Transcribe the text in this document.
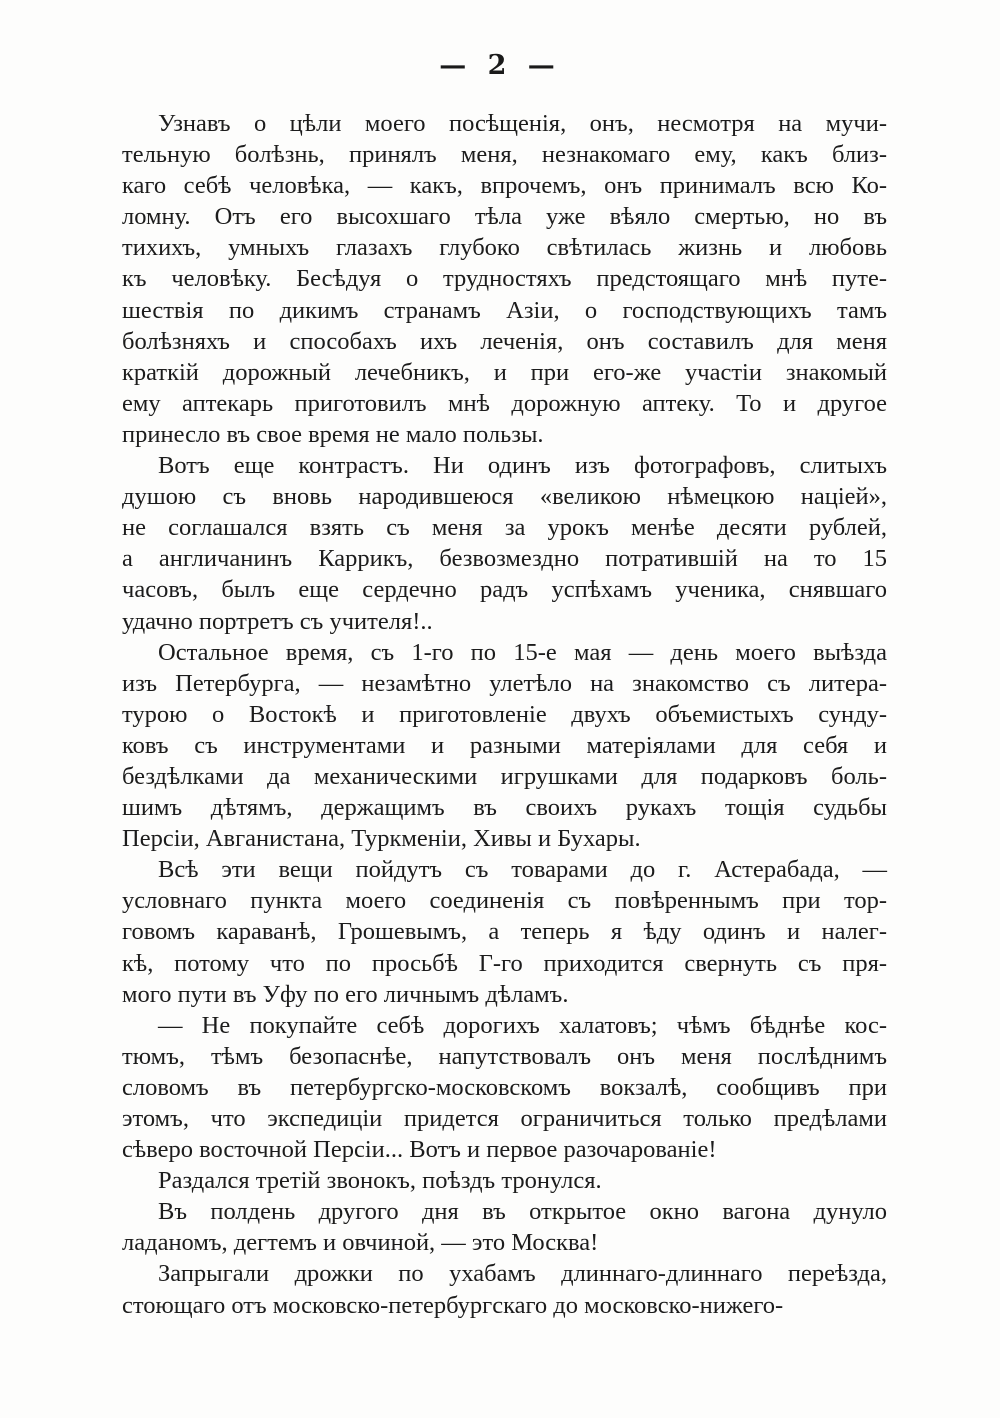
— 2 —
Узнавъ о цѣли моего посѣщенія, онъ, несмотря на мучи-
тельную болѣзнь, принялъ меня, незнакомаго ему, какъ близ-
каго себѣ человѣка, — какъ, впрочемъ, онъ принималъ всю Ко-
ломну. Отъ его высохшаго тѣла уже вѣяло смертью, но въ
тихихъ, умныхъ глазахъ глубоко свѣтилась жизнь и любовь
къ человѣку. Бесѣдуя о трудностяхъ предстоящаго мнѣ путе-
шествія по дикимъ странамъ Азіи, о господствующихъ тамъ
болѣзняхъ и способахъ ихъ леченія, онъ составилъ для меня
краткій дорожный лечебникъ, и при его-же участіи знакомый
ему аптекарь приготовилъ мнѣ дорожную аптеку. То и другое
принесло въ свое время не мало пользы.
Вотъ еще контрастъ. Ни одинъ изъ фотографовъ, слитыхъ
душою съ вновь народившеюся «великою нѣмецкою націей»,
не соглашался взять съ меня за урокъ менѣе десяти рублей,
а англичанинъ Каррикъ, безвозмездно потратившій на то 15
часовъ, былъ еще сердечно радъ успѣхамъ ученика, снявшаго
удачно портретъ съ учителя!..
Остальное время, съ 1-го по 15-е мая — день моего выѣзда
изъ Петербурга, — незамѣтно улетѣло на знакомство съ литера-
турою о Востокѣ и приготовленіе двухъ объемистыхъ сунду-
ковъ съ инструментами и разными матеріялами для себя и
бездѣлками да механическими игрушками для подарковъ боль-
шимъ дѣтямъ, держащимъ въ своихъ рукахъ тощія судьбы
Персіи, Авганистана, Туркменіи, Хивы и Бухары.
Всѣ эти вещи пойдутъ съ товарами до г. Астерабада, —
условнаго пункта моего соединенія съ повѣреннымъ при тор-
говомъ караванѣ, Грошевымъ, а теперь я ѣду одинъ и налег-
кѣ, потому что по просьбѣ Г-го приходится свернуть съ пря-
мого пути въ Уфу по его личнымъ дѣламъ.
— Не покупайте себѣ дорогихъ халатовъ; чѣмъ бѣднѣе кос-
тюмъ, тѣмъ безопаснѣе, напутствовалъ онъ меня послѣднимъ
словомъ въ петербургско-московскомъ вокзалѣ, сообщивъ при
этомъ, что экспедиціи придется ограничиться только предѣлами
сѣверо восточной Персіи... Вотъ и первое разочарованіе!
Раздался третій звонокъ, поѣздъ тронулся.
Въ полдень другого дня въ открытое окно вагона дунуло
ладаномъ, дегтемъ и овчиной, — это Москва!
Запрыгали дрожки по ухабамъ длиннаго-длиннаго переѣзда,
стоющаго отъ московско-петербургскаго до московско-нижего-
